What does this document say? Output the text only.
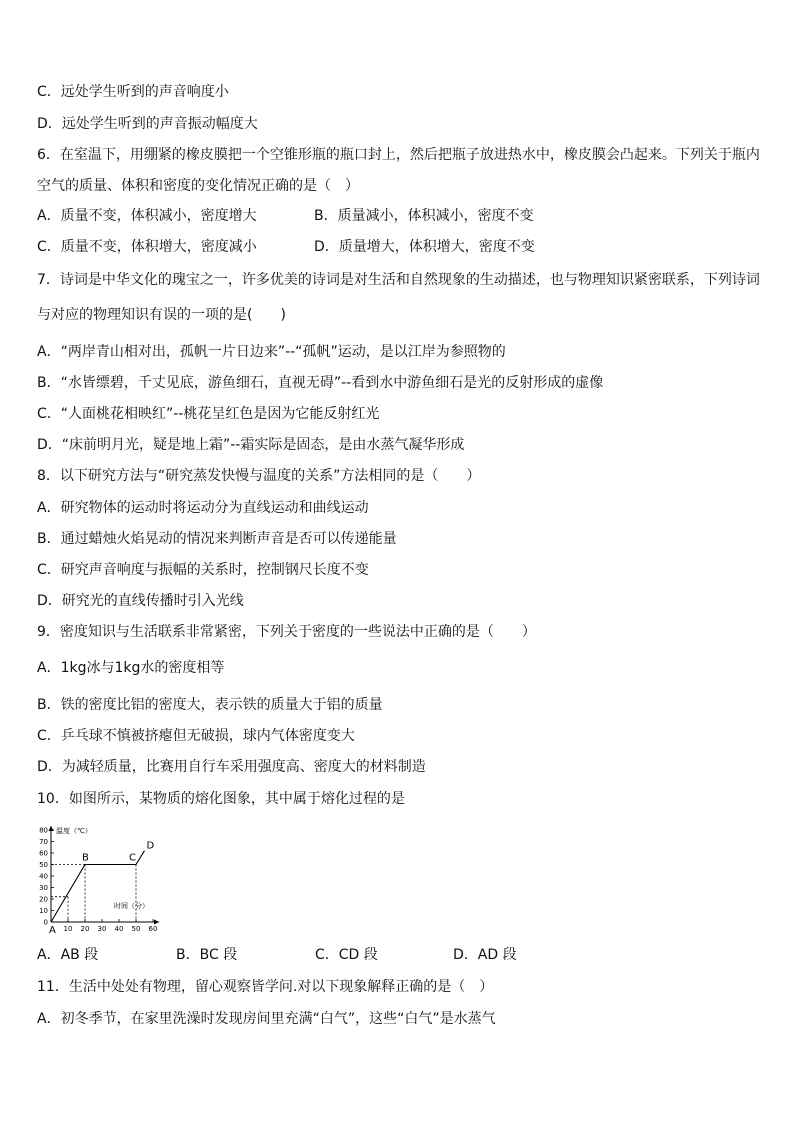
C．远处学生听到的声音响度小
D．远处学生听到的声音振动幅度大
6．在室温下，用绷紧的橡皮膜把一个空锥形瓶的瓶口封上，然后把瓶子放进热水中，橡皮膜会凸起来。下列关于瓶内
空气的质量、体积和密度的变化情况正确的是（　）
A．质量不变，体积减小，密度增大	B．质量减小，体积减小，密度不变
C．质量不变，体积增大，密度减小	D．质量增大，体积增大，密度不变
7．诗词是中华文化的瑰宝之一，许多优美的诗词是对生活和自然现象的生动描述，也与物理知识紧密联系，下列诗词
与对应的物理知识有误的一项的是(　　)
A．“两岸青山相对出，孤帆一片日边来”--“孤帆”运动，是以江岸为参照物的
B．“水皆缥碧，千丈见底，游鱼细石，直视无碍”--看到水中游鱼细石是光的反射形成的虚像
C．“人面桃花相映红”--桃花呈红色是因为它能反射红光
D．“床前明月光，疑是地上霜”--霜实际是固态，是由水蒸气凝华形成
8．以下研究方法与“研究蒸发快慢与温度的关系”方法相同的是（　　）
A．研究物体的运动时将运动分为直线运动和曲线运动
B．通过蜡烛火焰晃动的情况来判断声音是否可以传递能量
C．研究声音响度与振幅的关系时，控制钢尺长度不变
D．研究光的直线传播时引入光线
9．密度知识与生活联系非常紧密，下列关于密度的一些说法中正确的是（　　）
A．1kg冰与1kg水的密度相等
B．铁的密度比铝的密度大，表示铁的质量大于铝的质量
C．乒乓球不慎被挤瘪但无破损，球内气体密度变大
D．为减轻质量，比赛用自行车采用强度高、密度大的材料制造
10．如图所示，某物质的熔化图象，其中属于熔化过程的是
0
10
20
30
40
50
60
70
80
10 20 30 40 50 60
温度（℃）
时间（分）
A
B	C
D
A．AB 段	B．BC 段	C．CD 段	D．AD 段
11．生活中处处有物理，留心观察皆学问.对以下现象解释正确的是（　）
A．初冬季节，在家里洗澡时发现房间里充满“白气”，这些“白气”是水蒸气
